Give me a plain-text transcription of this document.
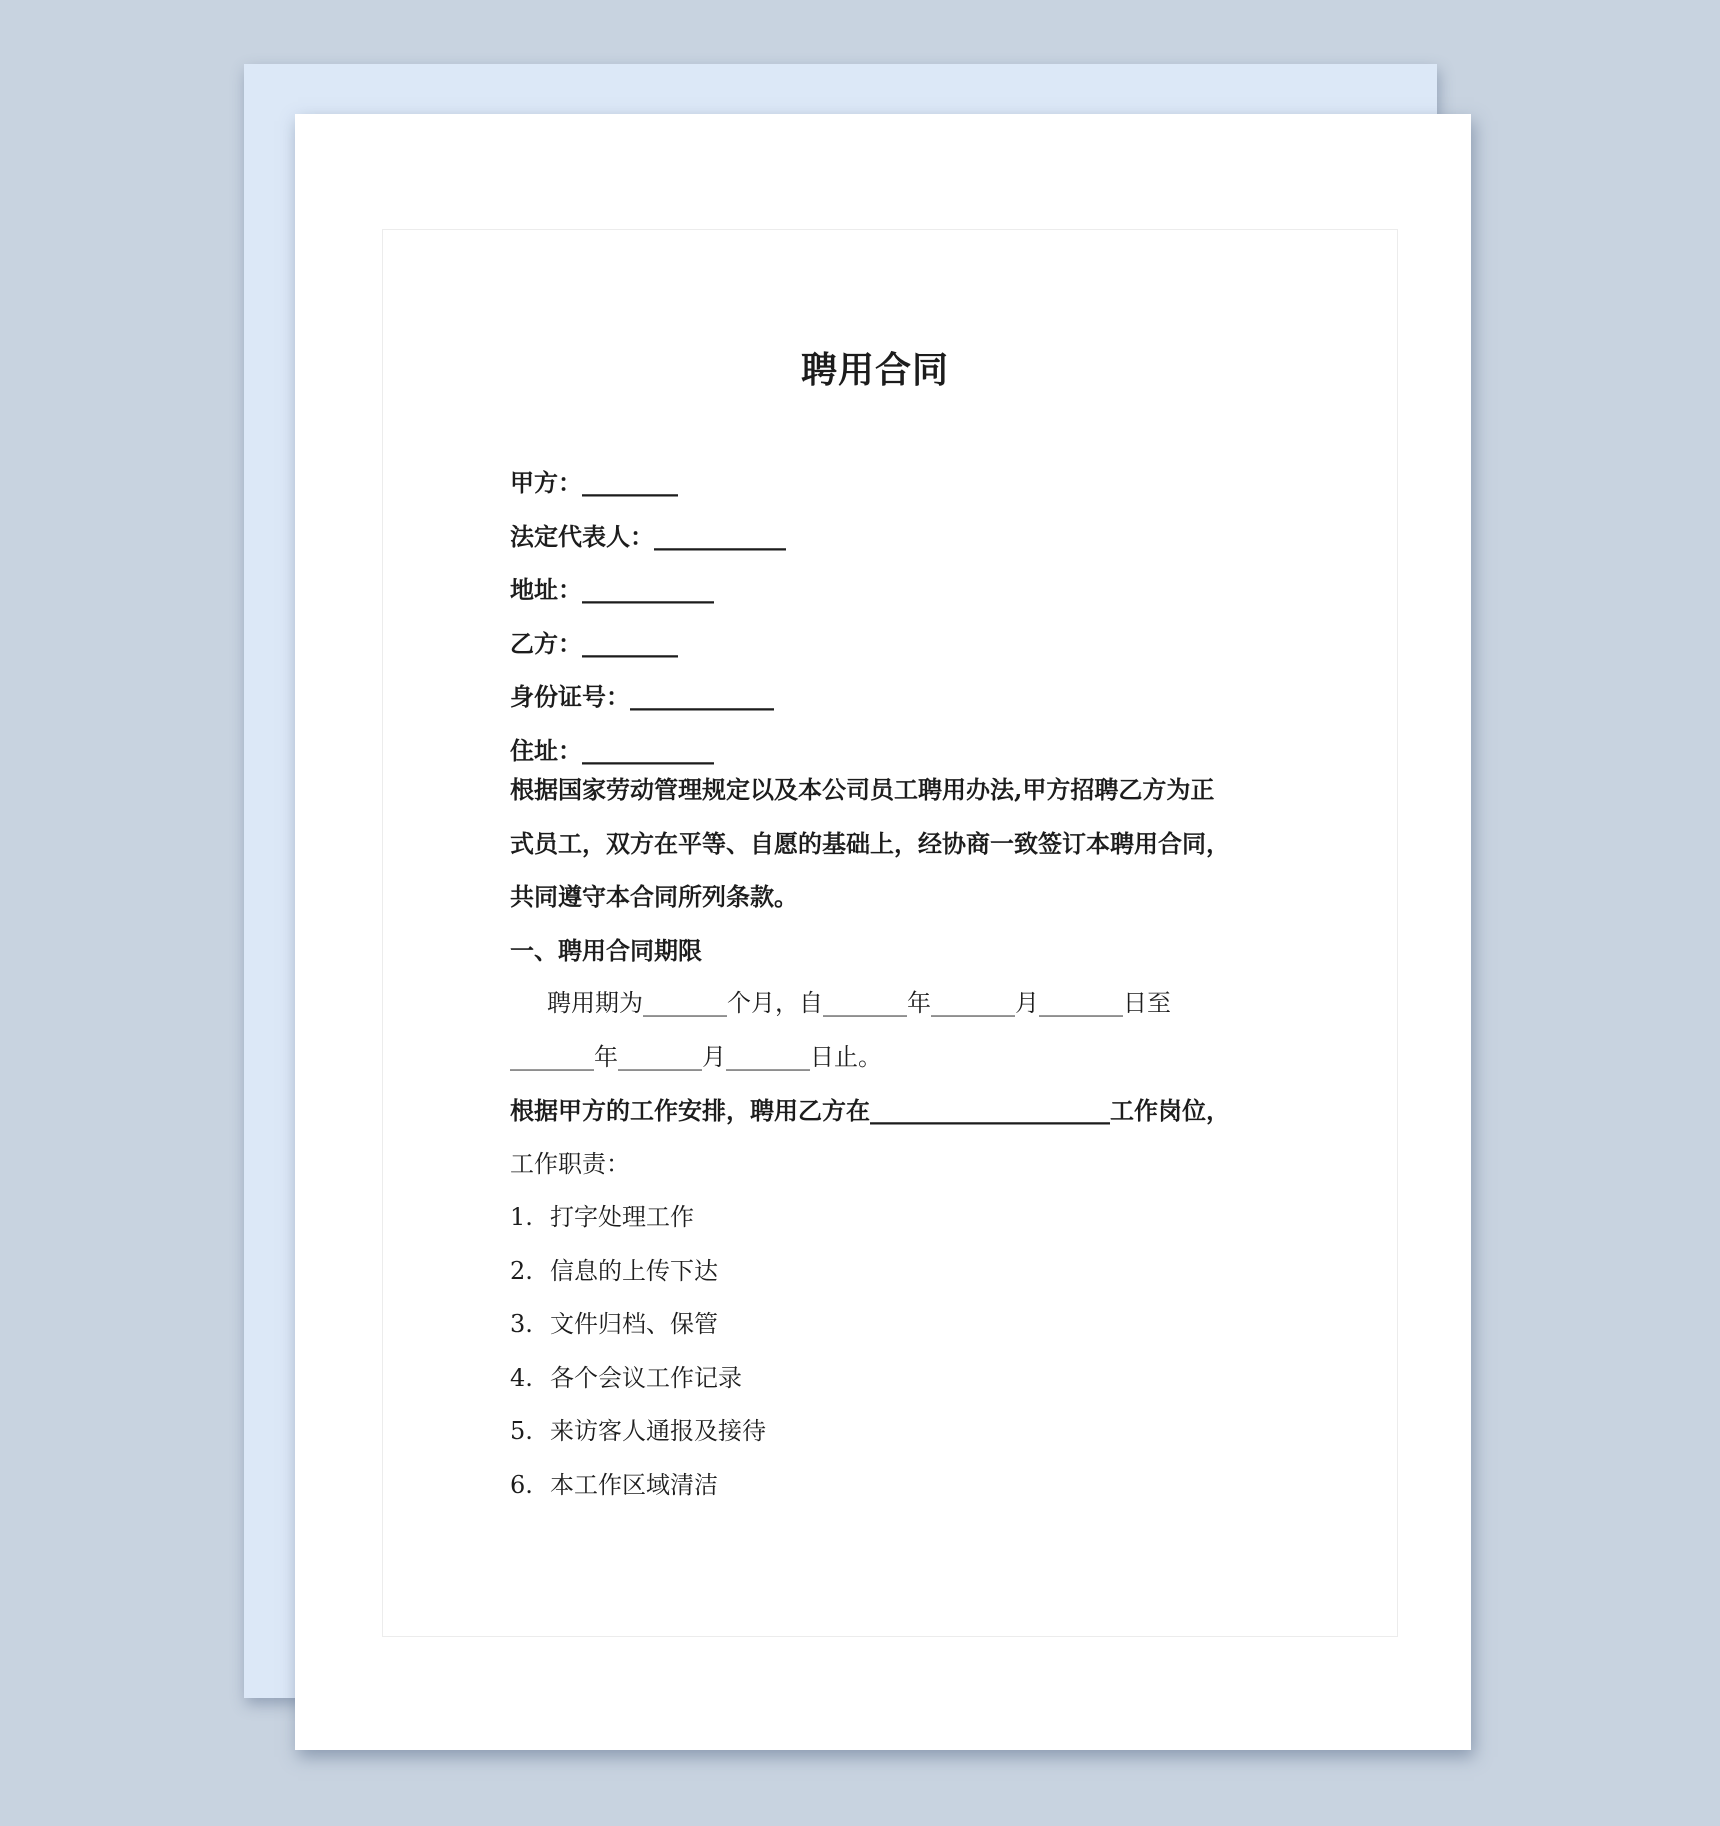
聘用合同
甲方：________
法定代表人：___________
地址：___________
乙方：________
身份证号：____________
住址：___________
根据国家劳动管理规定以及本公司员工聘用办法,甲方招聘乙方为正
式员工，双方在平等、自愿的基础上，经协商一致签订本聘用合同，
共同遵守本合同所列条款。
一、聘用合同期限
聘用期为_______个月，自_______年_______月_______日至
_______年_______月_______日止。
根据甲方的工作安排，聘用乙方在____________________工作岗位，
工作职责：
1. 打字处理工作
2. 信息的上传下达
3. 文件归档、保管
4. 各个会议工作记录
5. 来访客人通报及接待
6. 本工作区域清洁
